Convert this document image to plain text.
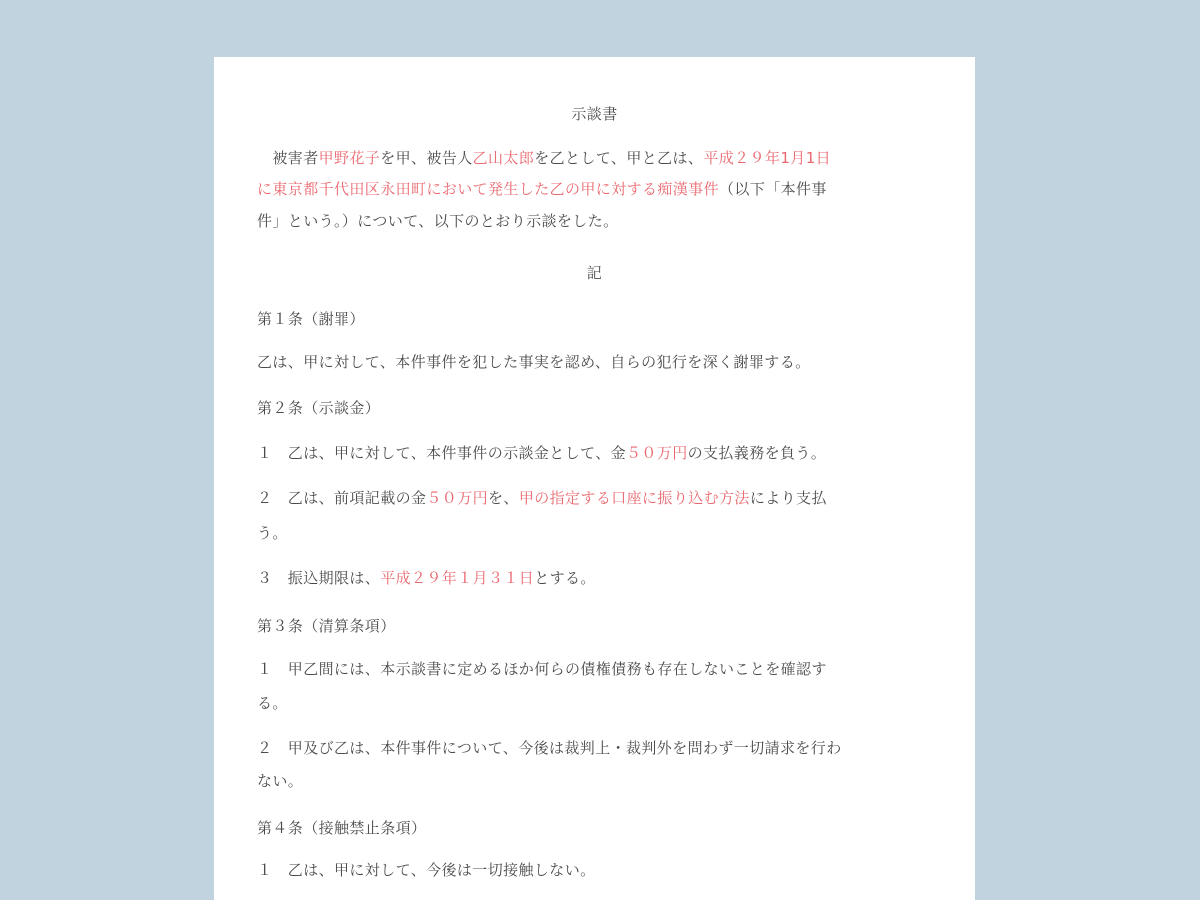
示談書
　被害者甲野花子を甲、被告人乙山太郎を乙として、甲と乙は、平成２９年1月1日
に東京都千代田区永田町において発生した乙の甲に対する痴漢事件（以下「本件事
件」という。）について、以下のとおり示談をした。
記
第１条（謝罪）
乙は、甲に対して、本件事件を犯した事実を認め、自らの犯行を深く謝罪する。
第２条（示談金）
１　乙は、甲に対して、本件事件の示談金として、金５０万円の支払義務を負う。
２　乙は、前項記載の金５０万円を、甲の指定する口座に振り込む方法により支払
う。
３　振込期限は、平成２９年１月３１日とする。
第３条（清算条項）
１　甲乙間には、本示談書に定めるほか何らの債権債務も存在しないことを確認す
る。
２　甲及び乙は、本件事件について、今後は裁判上・裁判外を問わず一切請求を行わ
ない。
第４条（接触禁止条項）
１　乙は、甲に対して、今後は一切接触しない。
